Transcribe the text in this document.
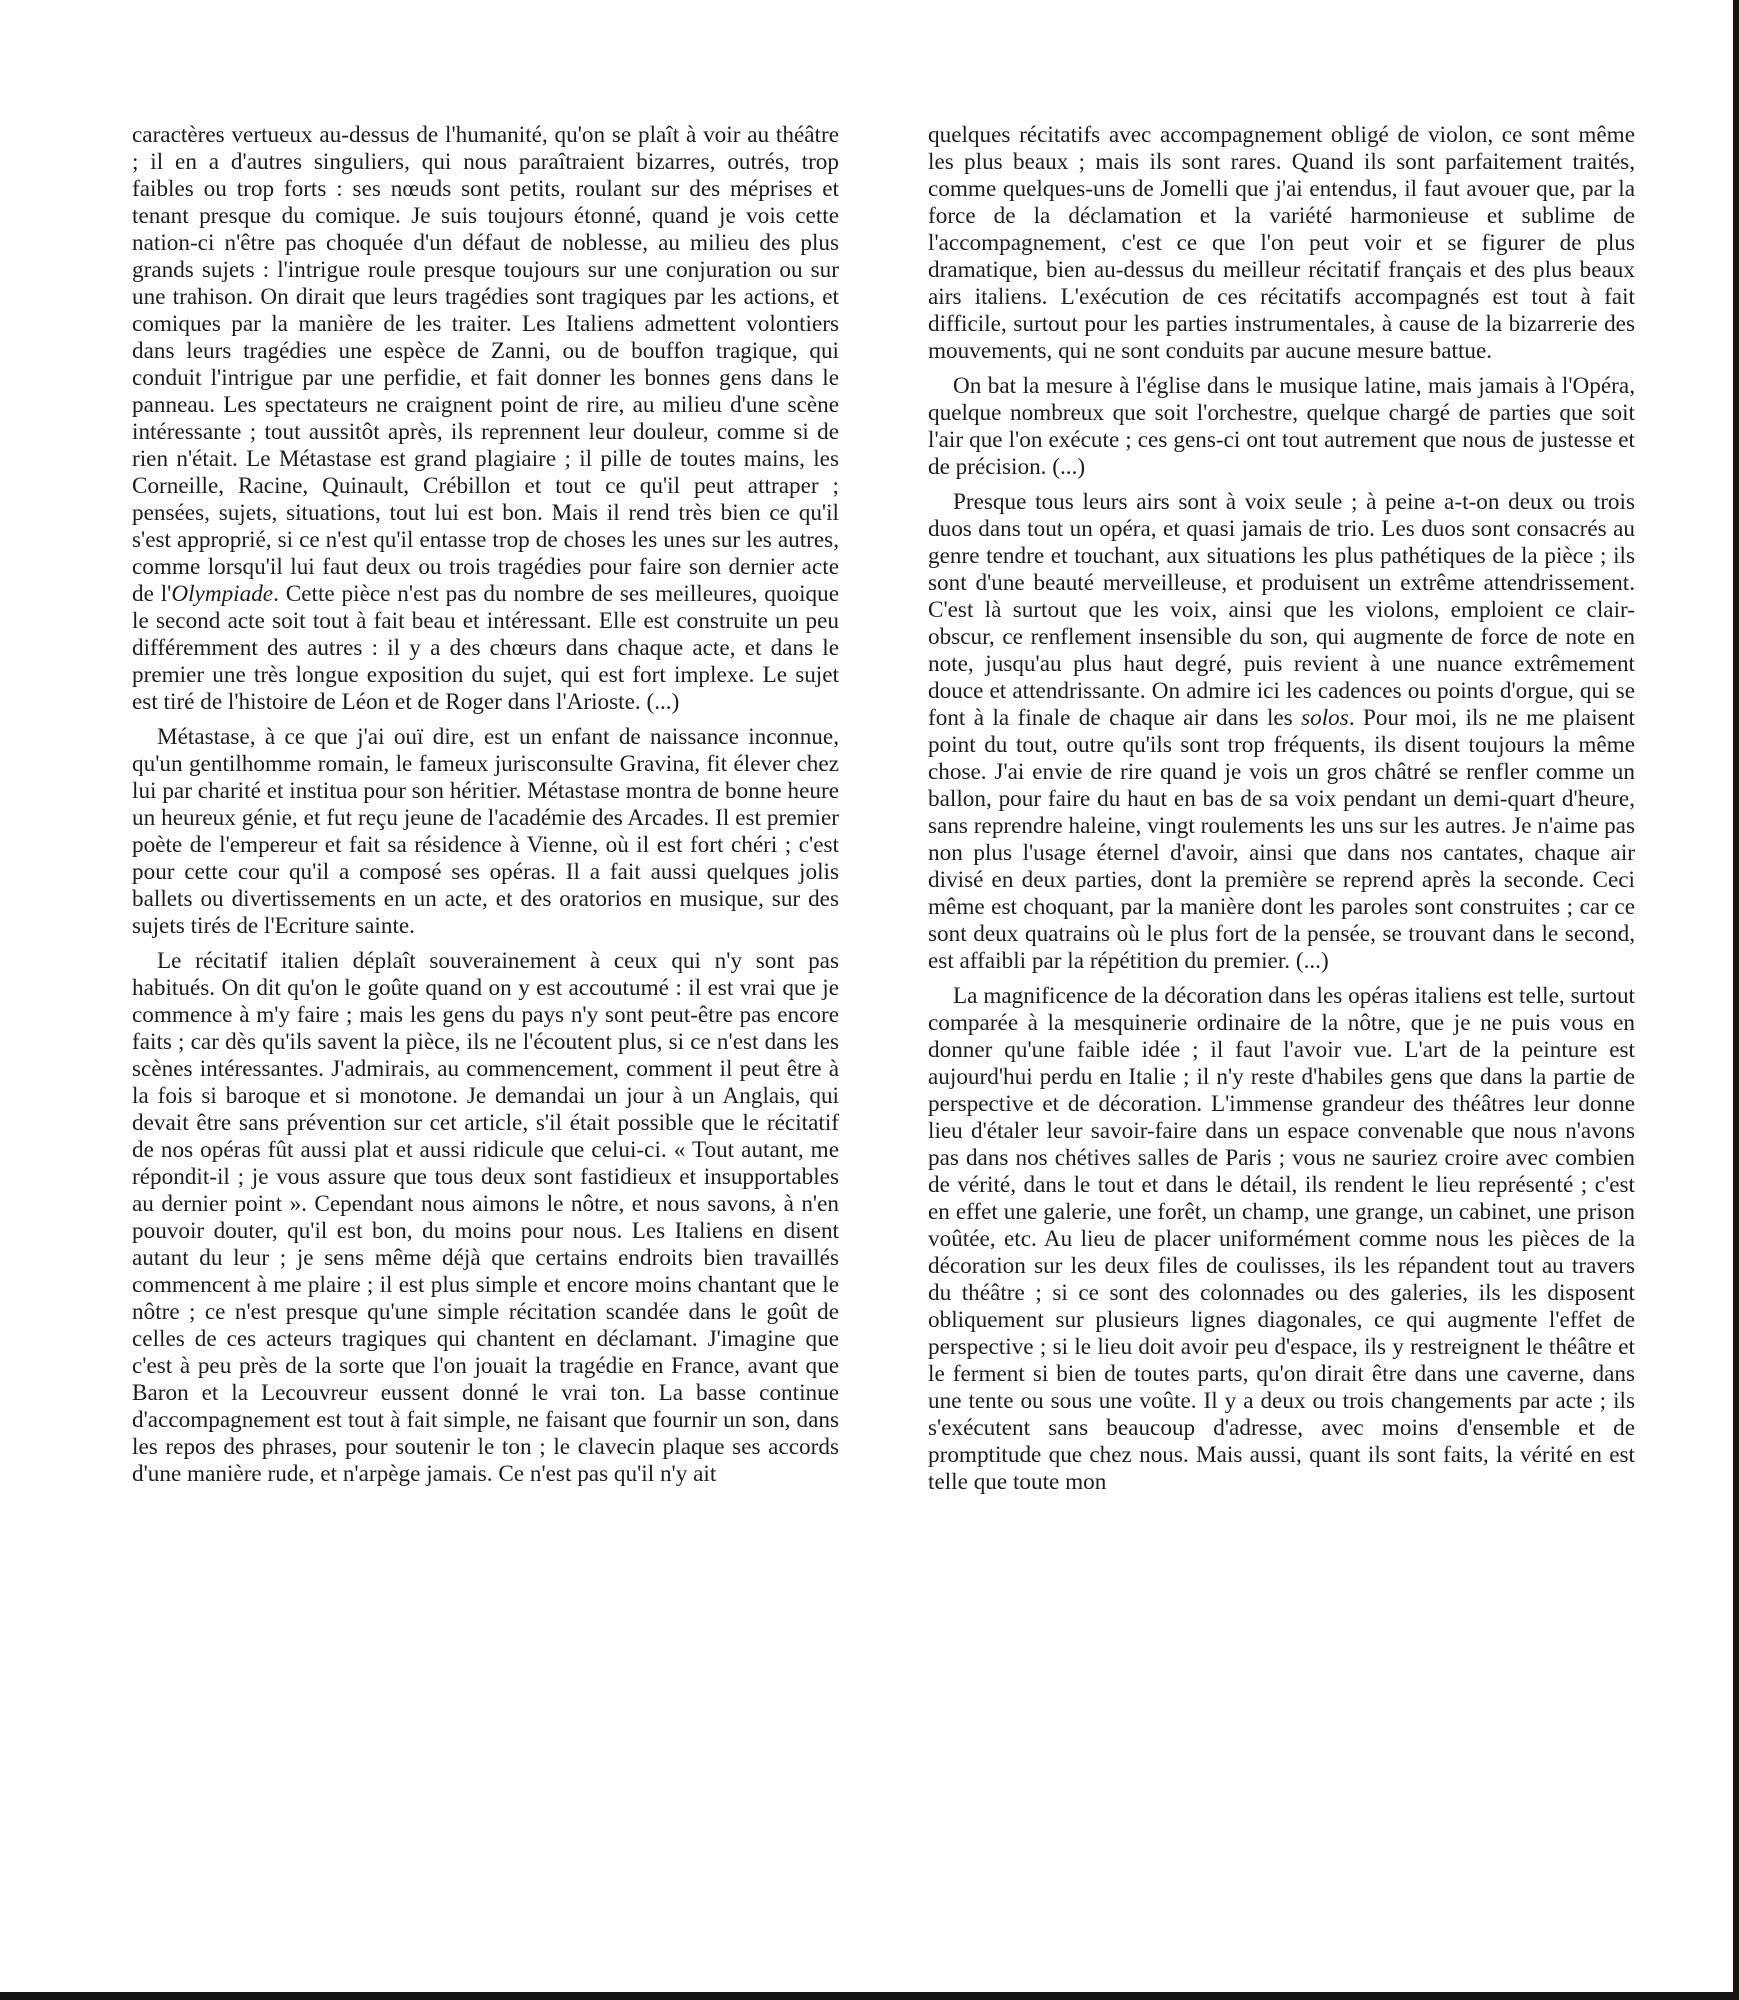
caractères vertueux au-dessus de l'humanité, qu'on se plaît à voir au théâtre ; il en a d'autres singuliers, qui nous paraîtraient bizarres, outrés, trop faibles ou trop forts : ses nœuds sont petits, roulant sur des méprises et tenant presque du comique. Je suis toujours étonné, quand je vois cette nation-ci n'être pas choquée d'un défaut de noblesse, au milieu des plus grands sujets : l'intrigue roule presque toujours sur une conjuration ou sur une trahison. On dirait que leurs tragédies sont tragiques par les actions, et comiques par la manière de les traiter. Les Italiens admettent volontiers dans leurs tragédies une espèce de Zanni, ou de bouffon tragique, qui conduit l'intrigue par une perfidie, et fait donner les bonnes gens dans le panneau. Les spectateurs ne craignent point de rire, au milieu d'une scène intéressante ; tout aussitôt après, ils reprennent leur douleur, comme si de rien n'était. Le Métastase est grand plagiaire ; il pille de toutes mains, les Corneille, Racine, Quinault, Crébillon et tout ce qu'il peut attraper ; pensées, sujets, situations, tout lui est bon. Mais il rend très bien ce qu'il s'est approprié, si ce n'est qu'il entasse trop de choses les unes sur les autres, comme lorsqu'il lui faut deux ou trois tragédies pour faire son dernier acte de l'Olympiade. Cette pièce n'est pas du nombre de ses meilleures, quoique le second acte soit tout à fait beau et intéressant. Elle est construite un peu différemment des autres : il y a des chœurs dans chaque acte, et dans le premier une très longue exposition du sujet, qui est fort implexe. Le sujet est tiré de l'histoire de Léon et de Roger dans l'Arioste. (...)

Métastase, à ce que j'ai ouï dire, est un enfant de naissance inconnue, qu'un gentilhomme romain, le fameux jurisconsulte Gravina, fit élever chez lui par charité et institua pour son héritier. Métastase montra de bonne heure un heureux génie, et fut reçu jeune de l'académie des Arcades. Il est premier poète de l'empereur et fait sa résidence à Vienne, où il est fort chéri ; c'est pour cette cour qu'il a composé ses opéras. Il a fait aussi quelques jolis ballets ou divertissements en un acte, et des oratorios en musique, sur des sujets tirés de l'Ecriture sainte.

Le récitatif italien déplaît souverainement à ceux qui n'y sont pas habitués. On dit qu'on le goûte quand on y est accoutumé : il est vrai que je commence à m'y faire ; mais les gens du pays n'y sont peut-être pas encore faits ; car dès qu'ils savent la pièce, ils ne l'écoutent plus, si ce n'est dans les scènes intéressantes. J'admirais, au commencement, comment il peut être à la fois si baroque et si monotone. Je demandai un jour à un Anglais, qui devait être sans prévention sur cet article, s'il était possible que le récitatif de nos opéras fût aussi plat et aussi ridicule que celui-ci. « Tout autant, me répondit-il ; je vous assure que tous deux sont fastidieux et insupportables au dernier point ». Cependant nous aimons le nôtre, et nous savons, à n'en pouvoir douter, qu'il est bon, du moins pour nous. Les Italiens en disent autant du leur ; je sens même déjà que certains endroits bien travaillés commencent à me plaire ; il est plus simple et encore moins chantant que le nôtre ; ce n'est presque qu'une simple récitation scandée dans le goût de celles de ces acteurs tragiques qui chantent en déclamant. J'imagine que c'est à peu près de la sorte que l'on jouait la tragédie en France, avant que Baron et la Lecouvreur eussent donné le vrai ton. La basse continue d'accompagnement est tout à fait simple, ne faisant que fournir un son, dans les repos des phrases, pour soutenir le ton ; le clavecin plaque ses accords d'une manière rude, et n'arpège jamais. Ce n'est pas qu'il n'y ait

quelques récitatifs avec accompagnement obligé de violon, ce sont même les plus beaux ; mais ils sont rares. Quand ils sont parfaitement traités, comme quelques-uns de Jomelli que j'ai entendus, il faut avouer que, par la force de la déclamation et la variété harmonieuse et sublime de l'accompagnement, c'est ce que l'on peut voir et se figurer de plus dramatique, bien au-dessus du meilleur récitatif français et des plus beaux airs italiens. L'exécution de ces récitatifs accompagnés est tout à fait difficile, surtout pour les parties instrumentales, à cause de la bizarrerie des mouvements, qui ne sont conduits par aucune mesure battue.

On bat la mesure à l'église dans le musique latine, mais jamais à l'Opéra, quelque nombreux que soit l'orchestre, quelque chargé de parties que soit l'air que l'on exécute ; ces gens-ci ont tout autrement que nous de justesse et de précision. (...)

Presque tous leurs airs sont à voix seule ; à peine a-t-on deux ou trois duos dans tout un opéra, et quasi jamais de trio. Les duos sont consacrés au genre tendre et touchant, aux situations les plus pathétiques de la pièce ; ils sont d'une beauté merveilleuse, et produisent un extrême attendrissement. C'est là surtout que les voix, ainsi que les violons, emploient ce clair-obscur, ce renflement insensible du son, qui augmente de force de note en note, jusqu'au plus haut degré, puis revient à une nuance extrêmement douce et attendrissante. On admire ici les cadences ou points d'orgue, qui se font à la finale de chaque air dans les solos. Pour moi, ils ne me plaisent point du tout, outre qu'ils sont trop fréquents, ils disent toujours la même chose. J'ai envie de rire quand je vois un gros châtré se renfler comme un ballon, pour faire du haut en bas de sa voix pendant un demi-quart d'heure, sans reprendre haleine, vingt roulements les uns sur les autres. Je n'aime pas non plus l'usage éternel d'avoir, ainsi que dans nos cantates, chaque air divisé en deux parties, dont la première se reprend après la seconde. Ceci même est choquant, par la manière dont les paroles sont construites ; car ce sont deux quatrains où le plus fort de la pensée, se trouvant dans le second, est affaibli par la répétition du premier. (...)

La magnificence de la décoration dans les opéras italiens est telle, surtout comparée à la mesquinerie ordinaire de la nôtre, que je ne puis vous en donner qu'une faible idée ; il faut l'avoir vue. L'art de la peinture est aujourd'hui perdu en Italie ; il n'y reste d'habiles gens que dans la partie de perspective et de décoration. L'immense grandeur des théâtres leur donne lieu d'étaler leur savoir-faire dans un espace convenable que nous n'avons pas dans nos chétives salles de Paris ; vous ne sauriez croire avec combien de vérité, dans le tout et dans le détail, ils rendent le lieu représenté ; c'est en effet une galerie, une forêt, un champ, une grange, un cabinet, une prison voûtée, etc. Au lieu de placer uniformément comme nous les pièces de la décoration sur les deux files de coulisses, ils les répandent tout au travers du théâtre ; si ce sont des colonnades ou des galeries, ils les disposent obliquement sur plusieurs lignes diagonales, ce qui augmente l'effet de perspective ; si le lieu doit avoir peu d'espace, ils y restreignent le théâtre et le ferment si bien de toutes parts, qu'on dirait être dans une caverne, dans une tente ou sous une voûte. Il y a deux ou trois changements par acte ; ils s'exécutent sans beaucoup d'adresse, avec moins d'ensemble et de promptitude que chez nous. Mais aussi, quant ils sont faits, la vérité en est telle que toute mon
